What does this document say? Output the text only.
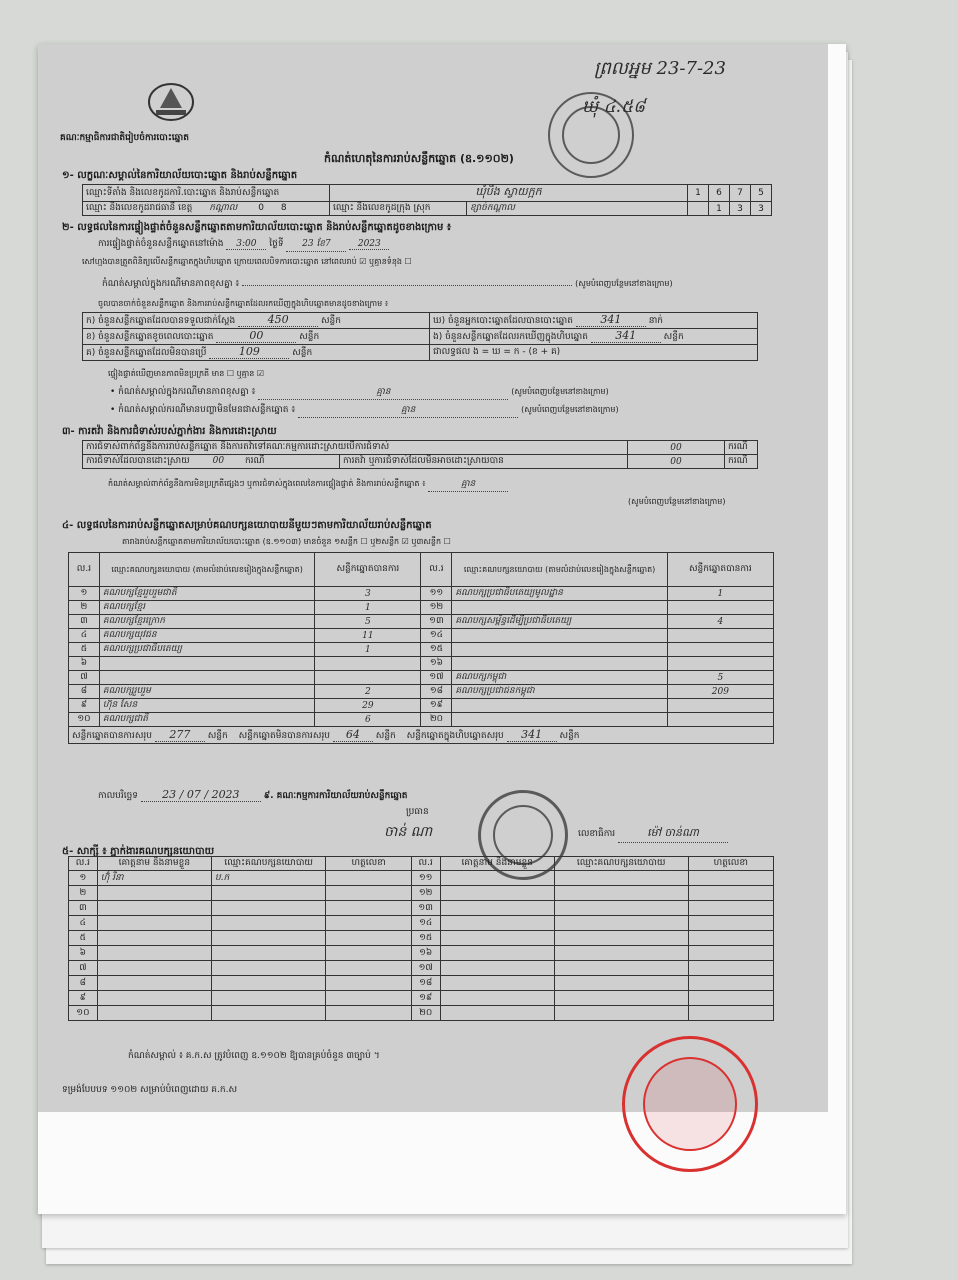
គណៈកម្មាធិការជាតិរៀបចំការបោះឆ្នោត
ព្រលអ្នម 23-7-23
ឃុំ ៤.៥៨
កំណត់ហេតុនៃការរាប់សន្លឹកឆ្នោត (ឧ.១១០២)
១- លក្ខណៈសម្គាល់នៃការិយាល័យបោះឆ្នោត និងរាប់សន្លឹកឆ្នោត
ឈ្មោះទីតាំង និងលេខកូដការិ.បោះឆ្នោត និងរាប់សន្លឹកឆ្នោត	ឃុំបឹង ស្វាយក្អក		1	6	7	5
ឈ្មោះ និងលេខកូដរាជធានី ខេត្ត កណ្ដាល 0 8	ឈ្មោះ និងលេខកូដក្រុង ស្រុក	ខ្សាច់កណ្ដាល		1	3	3
២- លទ្ធផលនៃការផ្ទៀងផ្ទាត់ចំនួនសន្លឹកឆ្នោតតាមការិយាល័យបោះឆ្នោត និងរាប់សន្លឹកឆ្នោតដូចខាងក្រោម ៖
ការផ្ទៀងផ្ទាត់ចំនួនសន្លឹកឆ្នោតនៅម៉ោង 3:00 ថ្ងៃទី 23 ខែ7	2023
សៅហ្មងបានត្រួតពិនិត្យលើសន្លឹកឆ្នោតក្នុងហិបឆ្នោត ក្រោយពេលបិទការបោះឆ្នោត នៅពេលរាប់ ☑ ឬគ្មានទំនុង ☐
កំណត់សម្គាល់ក្នុងករណីមានភាពខុសគ្នា ៖	(សូមបំពេញបន្ថែមនៅខាងក្រោម)
ចូលបានចាក់ចំនួនសន្លឹកឆ្នោត និងការរាប់សន្លឹកឆ្នោតដែលរកឃើញក្នុងហិបឆ្នោតមានដូចខាងក្រោម ៖
ក) ចំនួនសន្លឹកឆ្នោតដែលបានទទួលជាក់ស្ដែង 450 សន្លឹក	ឃ) ចំនួនអ្នកបោះឆ្នោតដែលបានបោះឆ្នោត 341 នាក់
ខ) ចំនួនសន្លឹកឆ្នោតខូចពេលបោះឆ្នោត 00 សន្លឹក	ង) ចំនួនសន្លឹកឆ្នោតដែលរកឃើញក្នុងហិបឆ្នោត 341 សន្លឹក
គ) ចំនួនសន្លឹកឆ្នោតដែលមិនបានប្រើ 109 សន្លឹក	ជាលទ្ធផល ង = ឃ = ក - (ខ + គ)
ផ្ទៀងផ្ទាត់ឃើញមានភាពមិនប្រក្រតី មាន ☐ ឬគ្មាន ☑
• កំណត់សម្គាល់ក្នុងករណីមានភាពខុសគ្នា ៖	គ្មាន	(សូមបំពេញបន្ថែមនៅខាងក្រោម)
• កំណត់សម្គាល់ករណីមានបញ្ហាមិនមែនជាសន្លឹកឆ្នោត ៖	គ្មាន	(សូមបំពេញបន្ថែមនៅខាងក្រោម)
៣- ការតវ៉ា និងការជំទាស់របស់ភ្នាក់ងារ និងការដោះស្រាយ
ការជំទាស់ពាក់ព័ន្ធនឹងការរាប់សន្លឹកឆ្នោត និងការតវ៉ាទៅគណៈកម្មការដោះស្រាយបើការជំទាស់		00	ករណី
ការជំទាស់ដែលបានដោះស្រាយ 00 ករណី	ការតវ៉ា ឬការជំទាស់ដែលមិនអាចដោះស្រាយបាន	00	ករណី
កំណត់សម្គាល់ពាក់ព័ន្ធនឹងការមិនប្រក្រតីផ្សេងៗ ឬការជំទាស់ក្នុងពេលនៃការផ្ទៀងផ្ទាត់ និងការរាប់សន្លឹកឆ្នោត ៖	គ្មាន
(សូមបំពេញបន្ថែមនៅខាងក្រោម)
៤- លទ្ធផលនៃការរាប់សន្លឹកឆ្នោតសម្រាប់គណបក្សនយោបាយនីមួយៗតាមការិយាល័យរាប់សន្លឹកឆ្នោត
តារាងរាប់សន្លឹកឆ្នោតតាមការិយាល័យបោះឆ្នោត (ឧ.១១០៣) មានចំនួន ១សន្លឹក ☐ ឬ២សន្លឹក ☑ ឬ៣សន្លឹក ☐
ល.រ	ឈ្មោះគណបក្សនយោបាយ (តាមលំដាប់លេខរៀងក្នុងសន្លឹកឆ្នោត)	សន្លឹកឆ្នោតបានការ	ល.រ	ឈ្មោះគណបក្សនយោបាយ (តាមលំដាប់លេខរៀងក្នុងសន្លឹកឆ្នោត)	សន្លឹកឆ្នោតបានការ
១	គណបក្សខ្មែររួបរួមជាតិ	3	១១	គណបក្សប្រជាធិបតេយ្យមូលដ្ឋាន	1
២	គណបក្សខ្មែរ	1	១២		
៣	គណបក្សខ្មែរក្រោក	5	១៣	គណបក្សសម្ព័ន្ធដើម្បីប្រជាធិបតេយ្យ	4
៤	គណបក្សយុវជន	11	១៤		
៥	គណបក្សប្រជាធិបតេយ្យ	1	១៥		
៦			១៦		
៧			១៧	គណបក្សកម្ពុជា	5
៨	គណបក្សរួបរួម	2	១៨	គណបក្សប្រជាជនកម្ពុជា	209
៩	ហ៊ុន សែន	29	១៩		
១០	គណបក្សជាតិ	6	២០		
សន្លឹកឆ្នោតបានការសរុប 277 សន្លឹក សន្លឹកឆ្នោតមិនបានការសរុប 64 សន្លឹក សន្លឹកឆ្នោតក្នុងហិបឆ្នោតសរុប 341 សន្លឹក					
កាលបរិច្ឆេទ 23 / 07 / 2023	៩. គណៈកម្មការការិយាល័យរាប់សន្លឹកឆ្នោត
ប្រធាន
ចាន់ ណា	លេខាធិការ	ម៉ៅ ចាន់ណា
៥- សាក្សី ៖ ភ្នាក់ងារគណបក្សនយោបាយ
ល.រ	គោត្តនាម និងនាមខ្លួន	ឈ្មោះគណបក្សនយោបាយ	ហត្ថលេខា	ល.រ	គោត្តនាម និងនាមខ្លួន	ឈ្មោះគណបក្សនយោបាយ	ហត្ថលេខា
១	ហ៊ុំ រីនា	ប.ក		១១			
២				១២			
៣				១៣			
៤				១៤			
៥				១៥			
៦				១៦			
៧				១៧			
៨				១៨			
៩				១៩			
១០				២០			
កំណត់សម្គាល់ ៖ គ.ក.ស ត្រូវបំពេញ ឧ.១១០២ ឱ្យបានគ្រប់ចំនួន ៣ច្បាប់ ។
ទម្រង់បែបបទ ១១០២ សម្រាប់បំពេញដោយ គ.ក.ស
